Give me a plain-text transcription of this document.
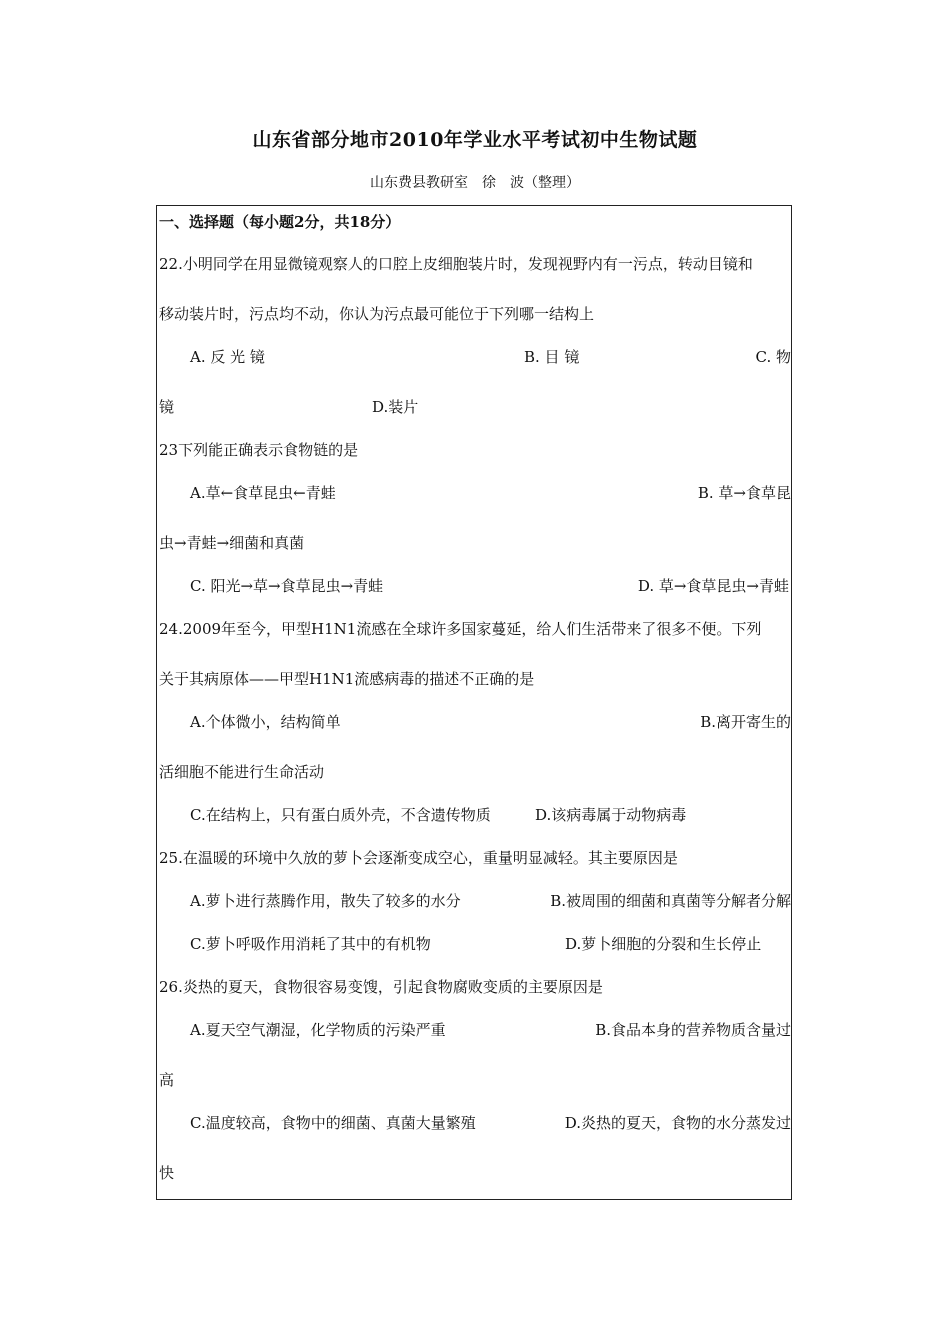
山东省部分地市2010年学业水平考试初中生物试题
山东费县教研室　徐　波（整理）
一、选择题（每小题2分，共18分）
22.小明同学在用显微镜观察人的口腔上皮细胞装片时，发现视野内有一污点，转动目镜和
移动装片时，污点均不动，你认为污点最可能位于下列哪一结构上
A. 反 光 镜	B. 目 镜	C. 物
镜	D.装片
23下列能正确表示食物链的是
A.草←食草昆虫←青蛙	B. 草→食草昆
虫→青蛙→细菌和真菌
C. 阳光→草→食草昆虫→青蛙	D. 草→食草昆虫→青蛙
24.2009年至今，甲型H1N1流感在全球许多国家蔓延，给人们生活带来了很多不便。下列
关于其病原体——甲型H1N1流感病毒的描述不正确的是
A.个体微小，结构简单	B.离开寄生的
活细胞不能进行生命活动
C.在结构上，只有蛋白质外壳，不含遗传物质	D.该病毒属于动物病毒
25.在温暖的环境中久放的萝卜会逐渐变成空心，重量明显减轻。其主要原因是
A.萝卜进行蒸腾作用，散失了较多的水分	B.被周围的细菌和真菌等分解者分解
C.萝卜呼吸作用消耗了其中的有机物	D.萝卜细胞的分裂和生长停止
26.炎热的夏天，食物很容易变馊，引起食物腐败变质的主要原因是
A.夏天空气潮湿，化学物质的污染严重	B.食品本身的营养物质含量过
高
C.温度较高，食物中的细菌、真菌大量繁殖	D.炎热的夏天，食物的水分蒸发过
快
